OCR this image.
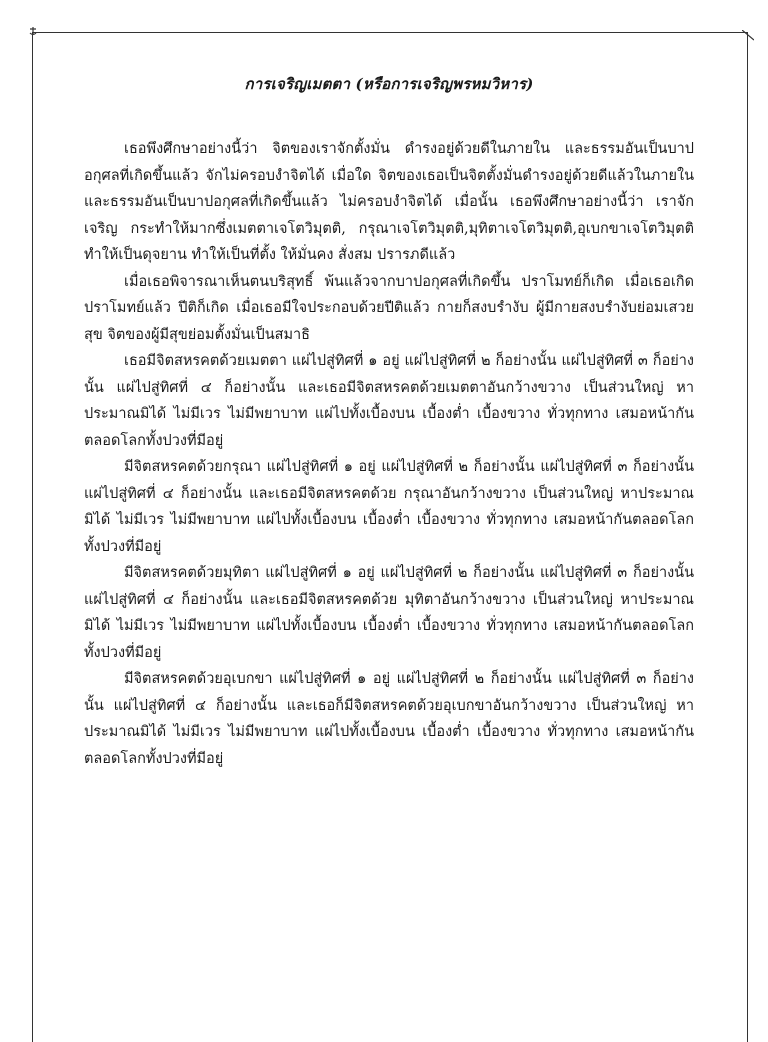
การเจริญเมตตา (หรือการเจริญพรหมวิหาร)

เธอพึงศึกษาอย่างนี้ว่า จิตของเราจักตั้งมั่น ดำรงอยู่ด้วยดีในภายใน และธรรมอันเป็นบาปอกุศลที่เกิดขึ้นแล้ว จักไม่ครอบงำจิตได้ เมื่อใด จิตของเธอเป็นจิตตั้งมั่นดำรงอยู่ด้วยดีแล้วในภายใน และธรรมอันเป็นบาปอกุศลที่เกิดขึ้นแล้ว ไม่ครอบงำจิตได้ เมื่อนั้น เธอพึงศึกษาอย่างนี้ว่า เราจักเจริญ กระทำให้มากซึ่งเมตตาเจโตวิมุตติ, กรุณาเจโตวิมุตติ,มุทิตาเจโตวิมุตติ,อุเบกขาเจโตวิมุตติ ทำให้เป็นดุจยาน ทำให้เป็นที่ตั้ง ให้มั่นคง สั่งสม ปรารภดีแล้ว

เมื่อเธอพิจารณาเห็นตนบริสุทธิ์ พ้นแล้วจากบาปอกุศลที่เกิดขึ้น ปราโมทย์ก็เกิด เมื่อเธอเกิดปราโมทย์แล้ว ปีติก็เกิด เมื่อเธอมีใจประกอบด้วยปีติแล้ว กายก็สงบรำงับ ผู้มีกายสงบรำงับย่อมเสวยสุข จิตของผู้มีสุขย่อมตั้งมั่นเป็นสมาธิ

เธอมีจิตสหรคตด้วยเมตตา แผ่ไปสู่ทิศที่ ๑ อยู่ แผ่ไปสู่ทิศที่ ๒ ก็อย่างนั้น แผ่ไปสู่ทิศที่ ๓ ก็อย่างนั้น แผ่ไปสู่ทิศที่ ๔ ก็อย่างนั้น และเธอมีจิตสหรคตด้วยเมตตาอันกว้างขวาง เป็นส่วนใหญ่ หาประมาณมิได้ ไม่มีเวร ไม่มีพยาบาท แผ่ไปทั้งเบื้องบน เบื้องต่ำ เบื้องขวาง ทั่วทุกทาง เสมอหน้ากันตลอดโลกทั้งปวงที่มีอยู่

มีจิตสหรคตด้วยกรุณา แผ่ไปสู่ทิศที่ ๑ อยู่ แผ่ไปสู่ทิศที่ ๒ ก็อย่างนั้น แผ่ไปสู่ทิศที่ ๓ ก็อย่างนั้น แผ่ไปสู่ทิศที่ ๔ ก็อย่างนั้น และเธอมีจิตสหรคตด้วย กรุณาอันกว้างขวาง เป็นส่วนใหญ่ หาประมาณมิได้ ไม่มีเวร ไม่มีพยาบาท แผ่ไปทั้งเบื้องบน เบื้องต่ำ เบื้องขวาง ทั่วทุกทาง เสมอหน้ากันตลอดโลกทั้งปวงที่มีอยู่

มีจิตสหรคตด้วยมุทิตา แผ่ไปสู่ทิศที่ ๑ อยู่ แผ่ไปสู่ทิศที่ ๒ ก็อย่างนั้น แผ่ไปสู่ทิศที่ ๓ ก็อย่างนั้น แผ่ไปสู่ทิศที่ ๔ ก็อย่างนั้น และเธอมีจิตสหรคตด้วย มุทิตาอันกว้างขวาง เป็นส่วนใหญ่ หาประมาณมิได้ ไม่มีเวร ไม่มีพยาบาท แผ่ไปทั้งเบื้องบน เบื้องต่ำ เบื้องขวาง ทั่วทุกทาง เสมอหน้ากันตลอดโลกทั้งปวงที่มีอยู่

มีจิตสหรคตด้วยอุเบกขา แผ่ไปสู่ทิศที่ ๑ อยู่ แผ่ไปสู่ทิศที่ ๒ ก็อย่างนั้น แผ่ไปสู่ทิศที่ ๓ ก็อย่างนั้น แผ่ไปสู่ทิศที่ ๔ ก็อย่างนั้น และเธอก็มีจิตสหรคตด้วยอุเบกขาอันกว้างขวาง เป็นส่วนใหญ่ หาประมาณมิได้ ไม่มีเวร ไม่มีพยาบาท แผ่ไปทั้งเบื้องบน เบื้องต่ำ เบื้องขวาง ทั่วทุกทาง เสมอหน้ากันตลอดโลกทั้งปวงที่มีอยู่
